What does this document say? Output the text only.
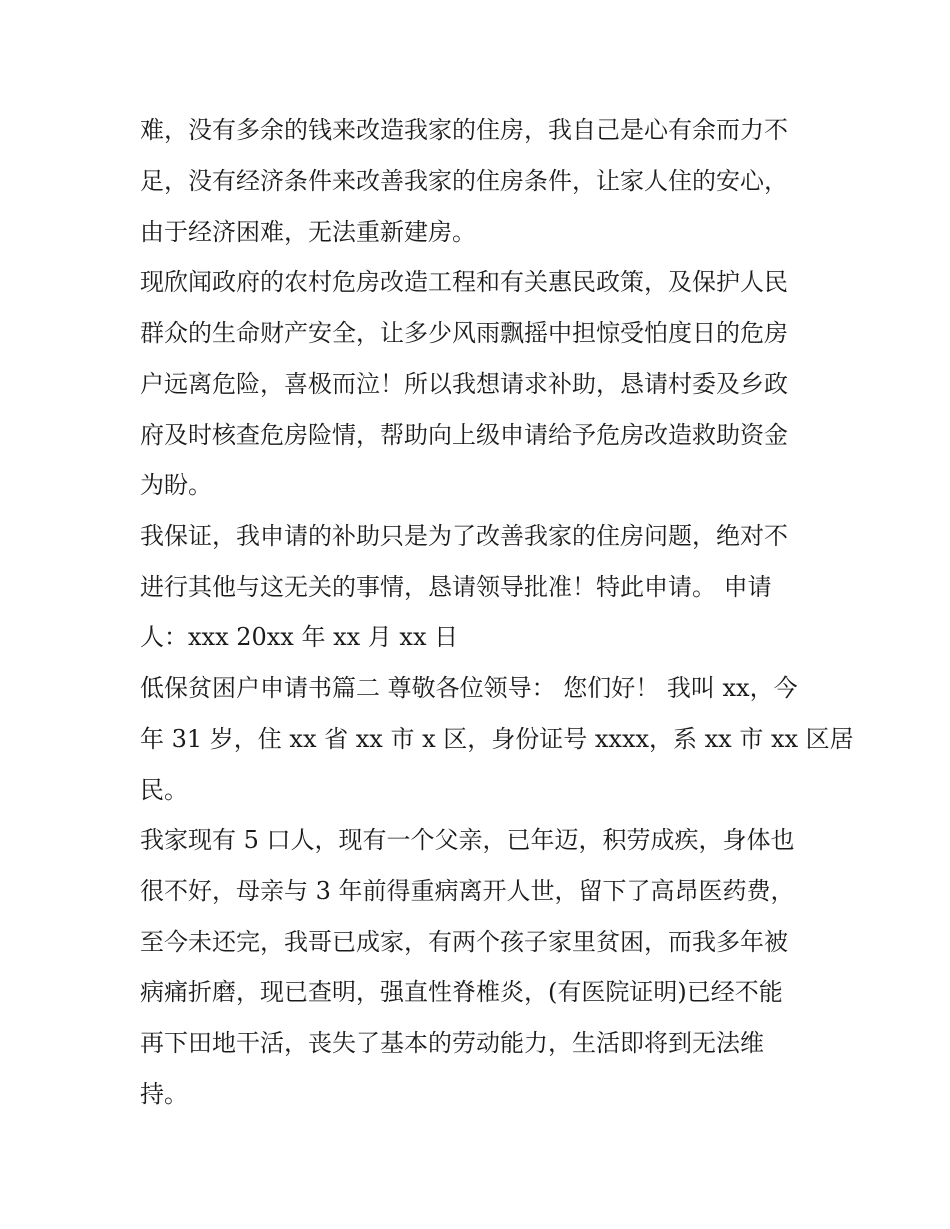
难，没有多余的钱来改造我家的住房，我自己是心有余而力不
足，没有经济条件来改善我家的住房条件，让家人住的安心，
由于经济困难，无法重新建房。
现欣闻政府的农村危房改造工程和有关惠民政策，及保护人民
群众的生命财产安全，让多少风雨飘摇中担惊受怕度日的危房
户远离危险，喜极而泣！所以我想请求补助，恳请村委及乡政
府及时核查危房险情，帮助向上级申请给予危房改造救助资金
为盼。
我保证，我申请的补助只是为了改善我家的住房问题，绝对不
进行其他与这无关的事情，恳请领导批准！特此申请。 申请
人：xxx 20xx 年 xx 月 xx 日
低保贫困户申请书篇二 尊敬各位领导： 您们好！ 我叫 xx，今
年 31 岁，住 xx 省 xx 市 x 区，身份证号 xxxx，系 xx 市 xx 区居
民。
我家现有 5 口人，现有一个父亲，已年迈，积劳成疾，身体也
很不好，母亲与 3 年前得重病离开人世，留下了高昂医药费，
至今未还完，我哥已成家，有两个孩子家里贫困，而我多年被
病痛折磨，现已查明，强直性脊椎炎，(有医院证明)已经不能
再下田地干活，丧失了基本的劳动能力，生活即将到无法维
持。
